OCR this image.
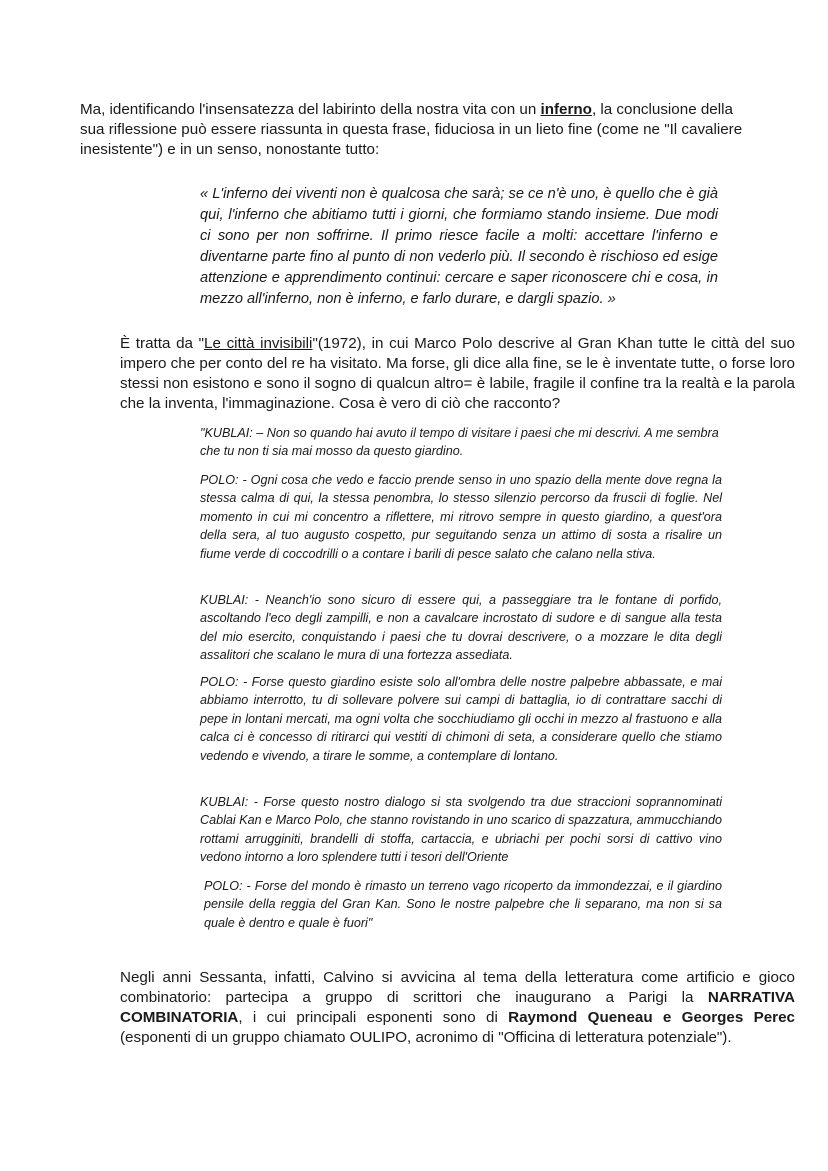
Ma, identificando l'insensatezza del labirinto della nostra vita con un inferno, la conclusione della sua riflessione può essere riassunta in questa frase, fiduciosa in un lieto fine (come ne "Il cavaliere inesistente") e in un senso, nonostante tutto:

« L'inferno dei viventi non è qualcosa che sarà; se ce n'è uno, è quello che è già qui, l'inferno che abitiamo tutti i giorni, che formiamo stando insieme. Due modi ci sono per non soffrirne. Il primo riesce facile a molti: accettare l'inferno e diventarne parte fino al punto di non vederlo più. Il secondo è rischioso ed esige attenzione e apprendimento continui: cercare e saper riconoscere chi e cosa, in mezzo all'inferno, non è inferno, e farlo durare, e dargli spazio. »

È tratta da "Le città invisibili"(1972), in cui Marco Polo descrive al Gran Khan tutte le città del suo impero che per conto del re ha visitato. Ma forse, gli dice alla fine, se le è inventate tutte, o forse loro stessi non esistono e sono il sogno di qualcun altro= è labile, fragile il confine tra la realtà e la parola che la inventa, l'immaginazione. Cosa è vero di ciò che racconto?

"KUBLAI: – Non so quando hai avuto il tempo di visitare i paesi che mi descrivi. A me sembra che tu non ti sia mai mosso da questo giardino.

POLO: - Ogni cosa che vedo e faccio prende senso in uno spazio della mente dove regna la stessa calma di qui, la stessa penombra, lo stesso silenzio percorso da fruscii di foglie. Nel momento in cui mi concentro a riflettere, mi ritrovo sempre in questo giardino, a quest'ora della sera, al tuo augusto cospetto, pur seguitando senza un attimo di sosta a risalire un fiume verde di coccodrilli o a contare i barili di pesce salato che calano nella stiva.

KUBLAI: - Neanch'io sono sicuro di essere qui, a passeggiare tra le fontane di porfido, ascoltando l'eco degli zampilli, e non a cavalcare incrostato di sudore e di sangue alla testa del mio esercito, conquistando i paesi che tu dovrai descrivere, o a mozzare le dita degli assalitori che scalano le mura di una fortezza assediata.

POLO: - Forse questo giardino esiste solo all'ombra delle nostre palpebre abbassate, e mai abbiamo interrotto, tu di sollevare polvere sui campi di battaglia, io di contrattare sacchi di pepe in lontani mercati, ma ogni volta che socchiudiamo gli occhi in mezzo al frastuono e alla calca ci è concesso di ritirarci qui vestiti di chimoni di seta, a considerare quello che stiamo vedendo e vivendo, a tirare le somme, a contemplare di lontano.

KUBLAI: - Forse questo nostro dialogo si sta svolgendo tra due straccioni soprannominati Cablai Kan e Marco Polo, che stanno rovistando in uno scarico di spazzatura, ammucchiando rottami arrugginiti, brandelli di stoffa, cartaccia, e ubriachi per pochi sorsi di cattivo vino vedono intorno a loro splendere tutti i tesori dell'Oriente

POLO: - Forse del mondo è rimasto un terreno vago ricoperto da immondezzai, e il giardino pensile della reggia del Gran Kan. Sono le nostre palpebre che li separano, ma non si sa quale è dentro e quale è fuori"

Negli anni Sessanta, infatti, Calvino si avvicina al tema della letteratura come artificio e gioco combinatorio: partecipa a gruppo di scrittori che inaugurano a Parigi la NARRATIVA COMBINATORIA, i cui principali esponenti sono di Raymond Queneau e Georges Perec (esponenti di un gruppo chiamato OULIPO, acronimo di "Officina di letteratura potenziale").
